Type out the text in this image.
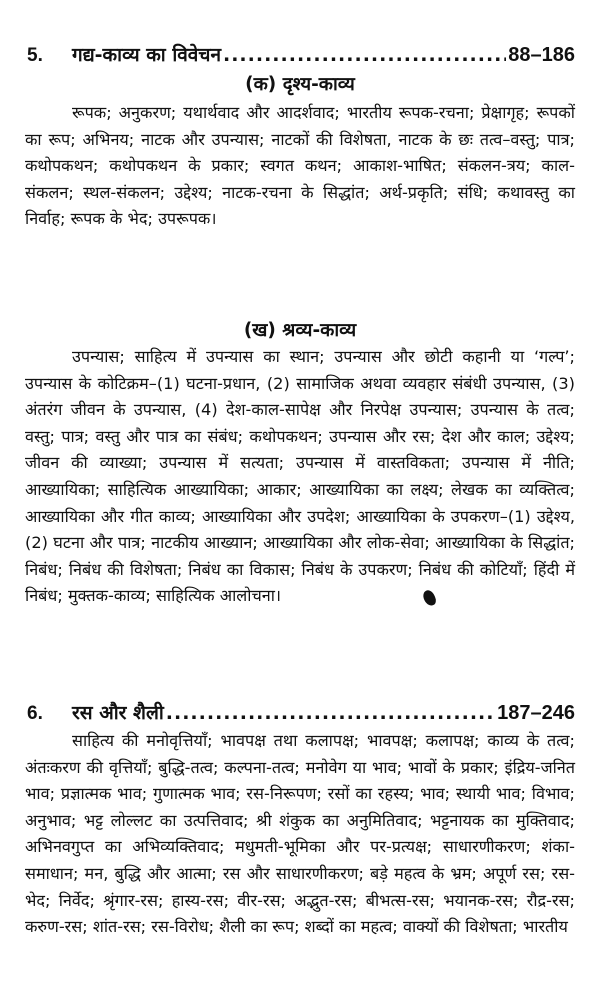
5.	गद्य-काव्य का विवेचन .....	88–186
(क) दृश्य-काव्य

रूपक; अनुकरण; यथार्थवाद और आदर्शवाद; भारतीय रूपक-रचना; प्रेक्षागृह; रूपकों का रूप; अभिनय; नाटक और उपन्यास; नाटकों की विशेषता, नाटक के छः तत्व–वस्तु; पात्र; कथोपकथन; कथोपकथन के प्रकार; स्वगत कथन; आकाश-भाषित; संकलन-त्रय; काल-संकलन; स्थल-संकलन; उद्देश्य; नाटक-रचना के सिद्धांत; अर्थ-प्रकृति; संधि; कथावस्तु का निर्वाह; रूपक के भेद; उपरूपक।

(ख) श्रव्य-काव्य

उपन्यास; साहित्य में उपन्यास का स्थान; उपन्यास और छोटी कहानी या ‘गल्प’; उपन्यास के कोटिक्रम–(1) घटना-प्रधान, (2) सामाजिक अथवा व्यवहार संबंधी उपन्यास, (3) अंतरंग जीवन के उपन्यास, (4) देश-काल-सापेक्ष और निरपेक्ष उपन्यास; उपन्यास के तत्व; वस्तु; पात्र; वस्तु और पात्र का संबंध; कथोपकथन; उपन्यास और रस; देश और काल; उद्देश्य; जीवन की व्याख्या; उपन्यास में सत्यता; उपन्यास में वास्तविकता; उपन्यास में नीति; आख्यायिका; साहित्यिक आख्यायिका; आकार; आख्यायिका का लक्ष्य; लेखक का व्यक्तित्व; आख्यायिका और गीत काव्य; आख्यायिका और उपदेश; आख्यायिका के उपकरण–(1) उद्देश्य, (2) घटना और पात्र; नाटकीय आख्यान; आख्यायिका और लोक-सेवा; आख्यायिका के सिद्धांत; निबंध; निबंध की विशेषता; निबंध का विकास; निबंध के उपकरण; निबंध की कोटियाँ; हिंदी में निबंध; मुक्तक-काव्य; साहित्यिक आलोचना।

6.	रस और शैली .....	187–246

साहित्य की मनोवृत्तियाँ; भावपक्ष तथा कलापक्ष; भावपक्ष; कलापक्ष; काव्य के तत्व; अंतःकरण की वृत्तियाँ; बुद्धि-तत्व; कल्पना-तत्व; मनोवेग या भाव; भावों के प्रकार; इंद्रिय-जनित भाव; प्रज्ञात्मक भाव; गुणात्मक भाव; रस-निरूपण; रसों का रहस्य; भाव; स्थायी भाव; विभाव; अनुभाव; भट्ट लोल्लट का उत्पत्तिवाद; श्री शंकुक का अनुमितिवाद; भट्टनायक का मुक्तिवाद; अभिनवगुप्त का अभिव्यक्तिवाद; मधुमती-भूमिका और पर-प्रत्यक्ष; साधारणीकरण; शंका-समाधान; मन, बुद्धि और आत्मा; रस और साधारणीकरण; बड़े महत्व के भ्रम; अपूर्ण रस; रस-भेद; निर्वेद; श्रृंगार-रस; हास्य-रस; वीर-रस; अद्भुत-रस; बीभत्स-रस; भयानक-रस; रौद्र-रस; करुण-रस; शांत-रस; रस-विरोध; शैली का रूप; शब्दों का महत्व; वाक्यों की विशेषता; भारतीय
